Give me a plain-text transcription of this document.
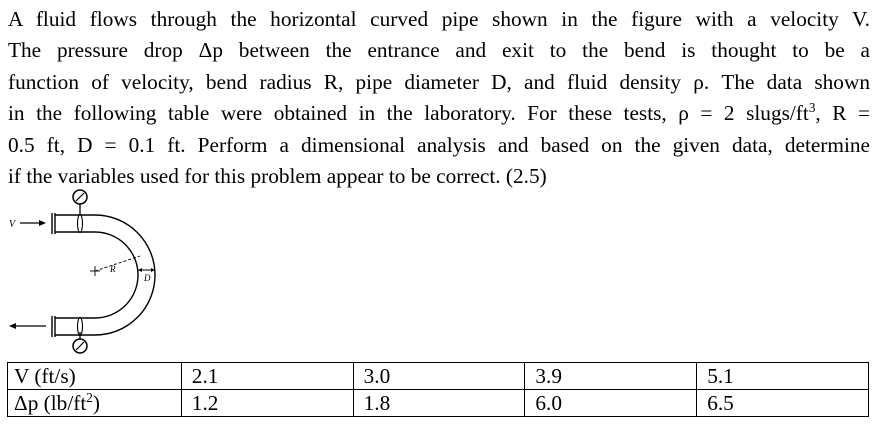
A fluid flows through the horizontal curved pipe shown in the figure with a velocity V.
The pressure drop Δp between the entrance and exit to the bend is thought to be a
function of velocity, bend radius R, pipe diameter D, and fluid density ρ. The data shown
in the following table were obtained in the laboratory. For these tests, ρ = 2 slugs/$ft^3$, R =
0.5 ft, D = 0.1 ft. Perform a dimensional analysis and based on the given data, determine
if the variables used for this problem appear to be correct. (2.5)
V
R
D
V (ft/s)	2.1	3.0	3.9	5.1
Δp $(lb/ft^2)$	1.2	1.8	6.0	6.5
